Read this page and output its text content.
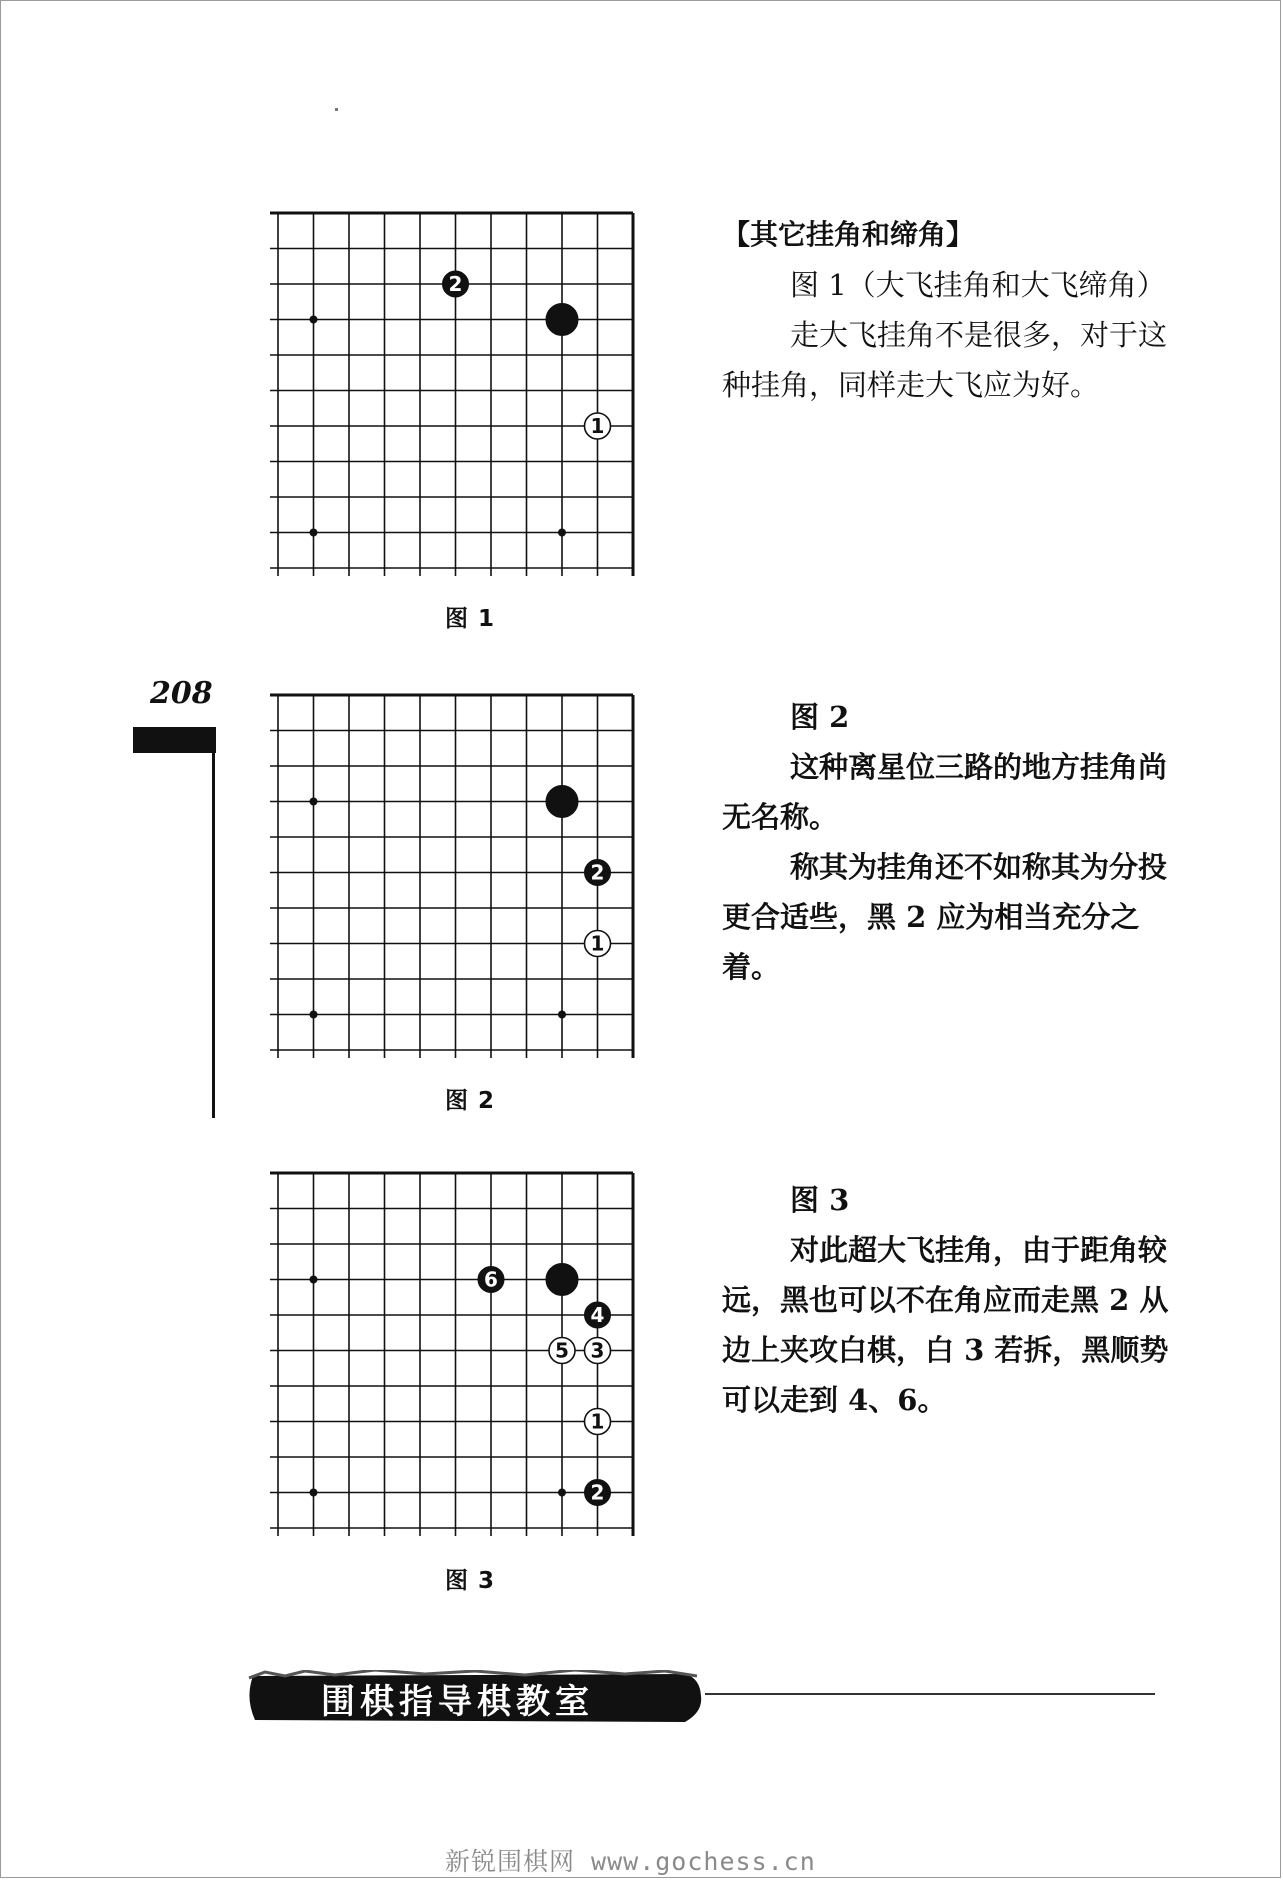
2
1
图 1
2
1
图 2
6
4
3
5
1
2
图 3

【其它挂角和缔角】

图 1（大飞挂角和大飞缔角）

走大飞挂角不是很多，对于这种挂角，同样走大飞应为好。

图 2

这种离星位三路的地方挂角尚无名称。

称其为挂角还不如称其为分投更合适些，黑 2 应为相当充分之着。

图 3

对此超大飞挂角，由于距角较远，黑也可以不在角应而走黑 2 从边上夹攻白棋，白 3 若拆，黑顺势可以走到 4、6。

208
围棋指导棋教室
新锐围棋网 www.gochess.cn
